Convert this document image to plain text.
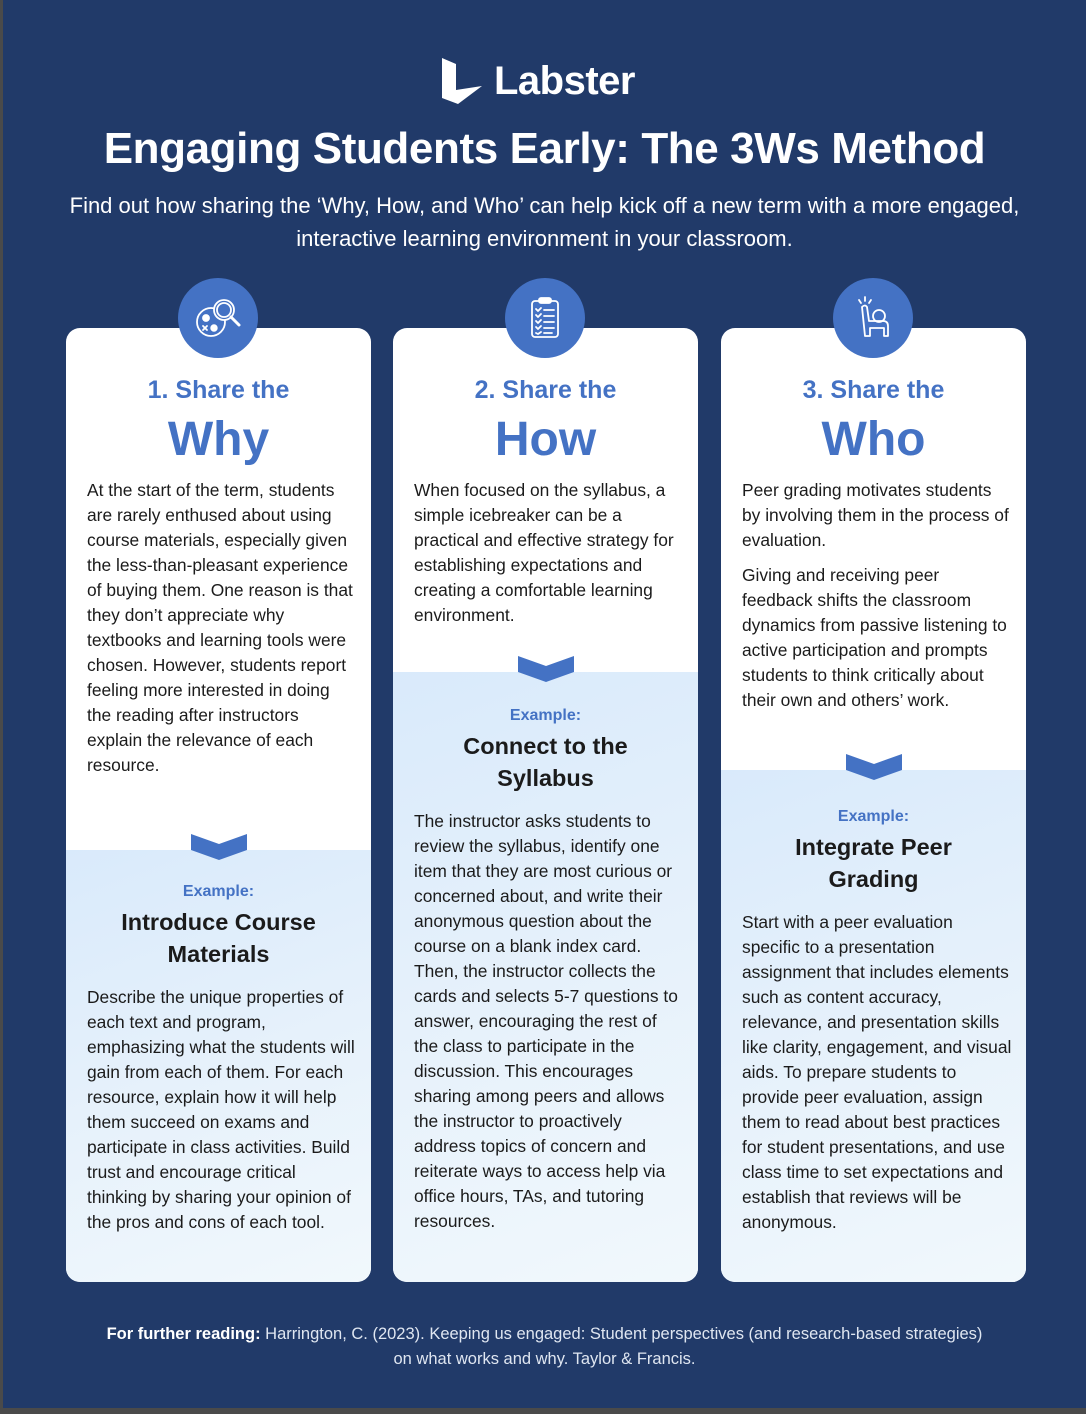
Labster
Engaging Students Early: The 3Ws Method

Find out how sharing the ‘Why, How, and Who’ can help kick off a new term with a more engaged, interactive learning environment in your classroom.

1. Share the
Why

At the start of the term, students are rarely enthused about using course materials, especially given the less-than-pleasant experience of buying them. One reason is that they don’t appreciate why textbooks and learning tools were chosen. However, students report feeling more interested in doing the reading after instructors explain the relevance of each resource.

Example:
Introduce Course Materials
Describe the unique properties of each text and program, emphasizing what the students will gain from each of them. For each resource, explain how it will help them succeed on exams and participate in class activities. Build trust and encourage critical thinking by sharing your opinion of the pros and cons of each tool.
2. Share the
How

When focused on the syllabus, a simple icebreaker can be a practical and effective strategy for establishing expectations and creating a comfortable learning environment.

Example:
Connect to the Syllabus
The instructor asks students to review the syllabus, identify one item that they are most curious or concerned about, and write their anonymous question about the course on a blank index card. Then, the instructor collects the cards and selects 5-7 questions to answer, encouraging the rest of the class to participate in the discussion. This encourages sharing among peers and allows the instructor to proactively address topics of concern and reiterate ways to access help via office hours, TAs, and tutoring resources.
3. Share the
Who

Peer grading motivates students by involving them in the process of evaluation.

Giving and receiving peer feedback shifts the classroom dynamics from passive listening to active participation and prompts students to think critically about their own and others’ work.

Example:
Integrate Peer Grading
Start with a peer evaluation specific to a presentation assignment that includes elements such as content accuracy, relevance, and presentation skills like clarity, engagement, and visual aids. To prepare students to provide peer evaluation, assign them to read about best practices for student presentations, and use class time to set expectations and establish that reviews will be anonymous.

For further reading: Harrington, C. (2023). Keeping us engaged: Student perspectives (and research-based strategies) on what works and why. Taylor & Francis.
